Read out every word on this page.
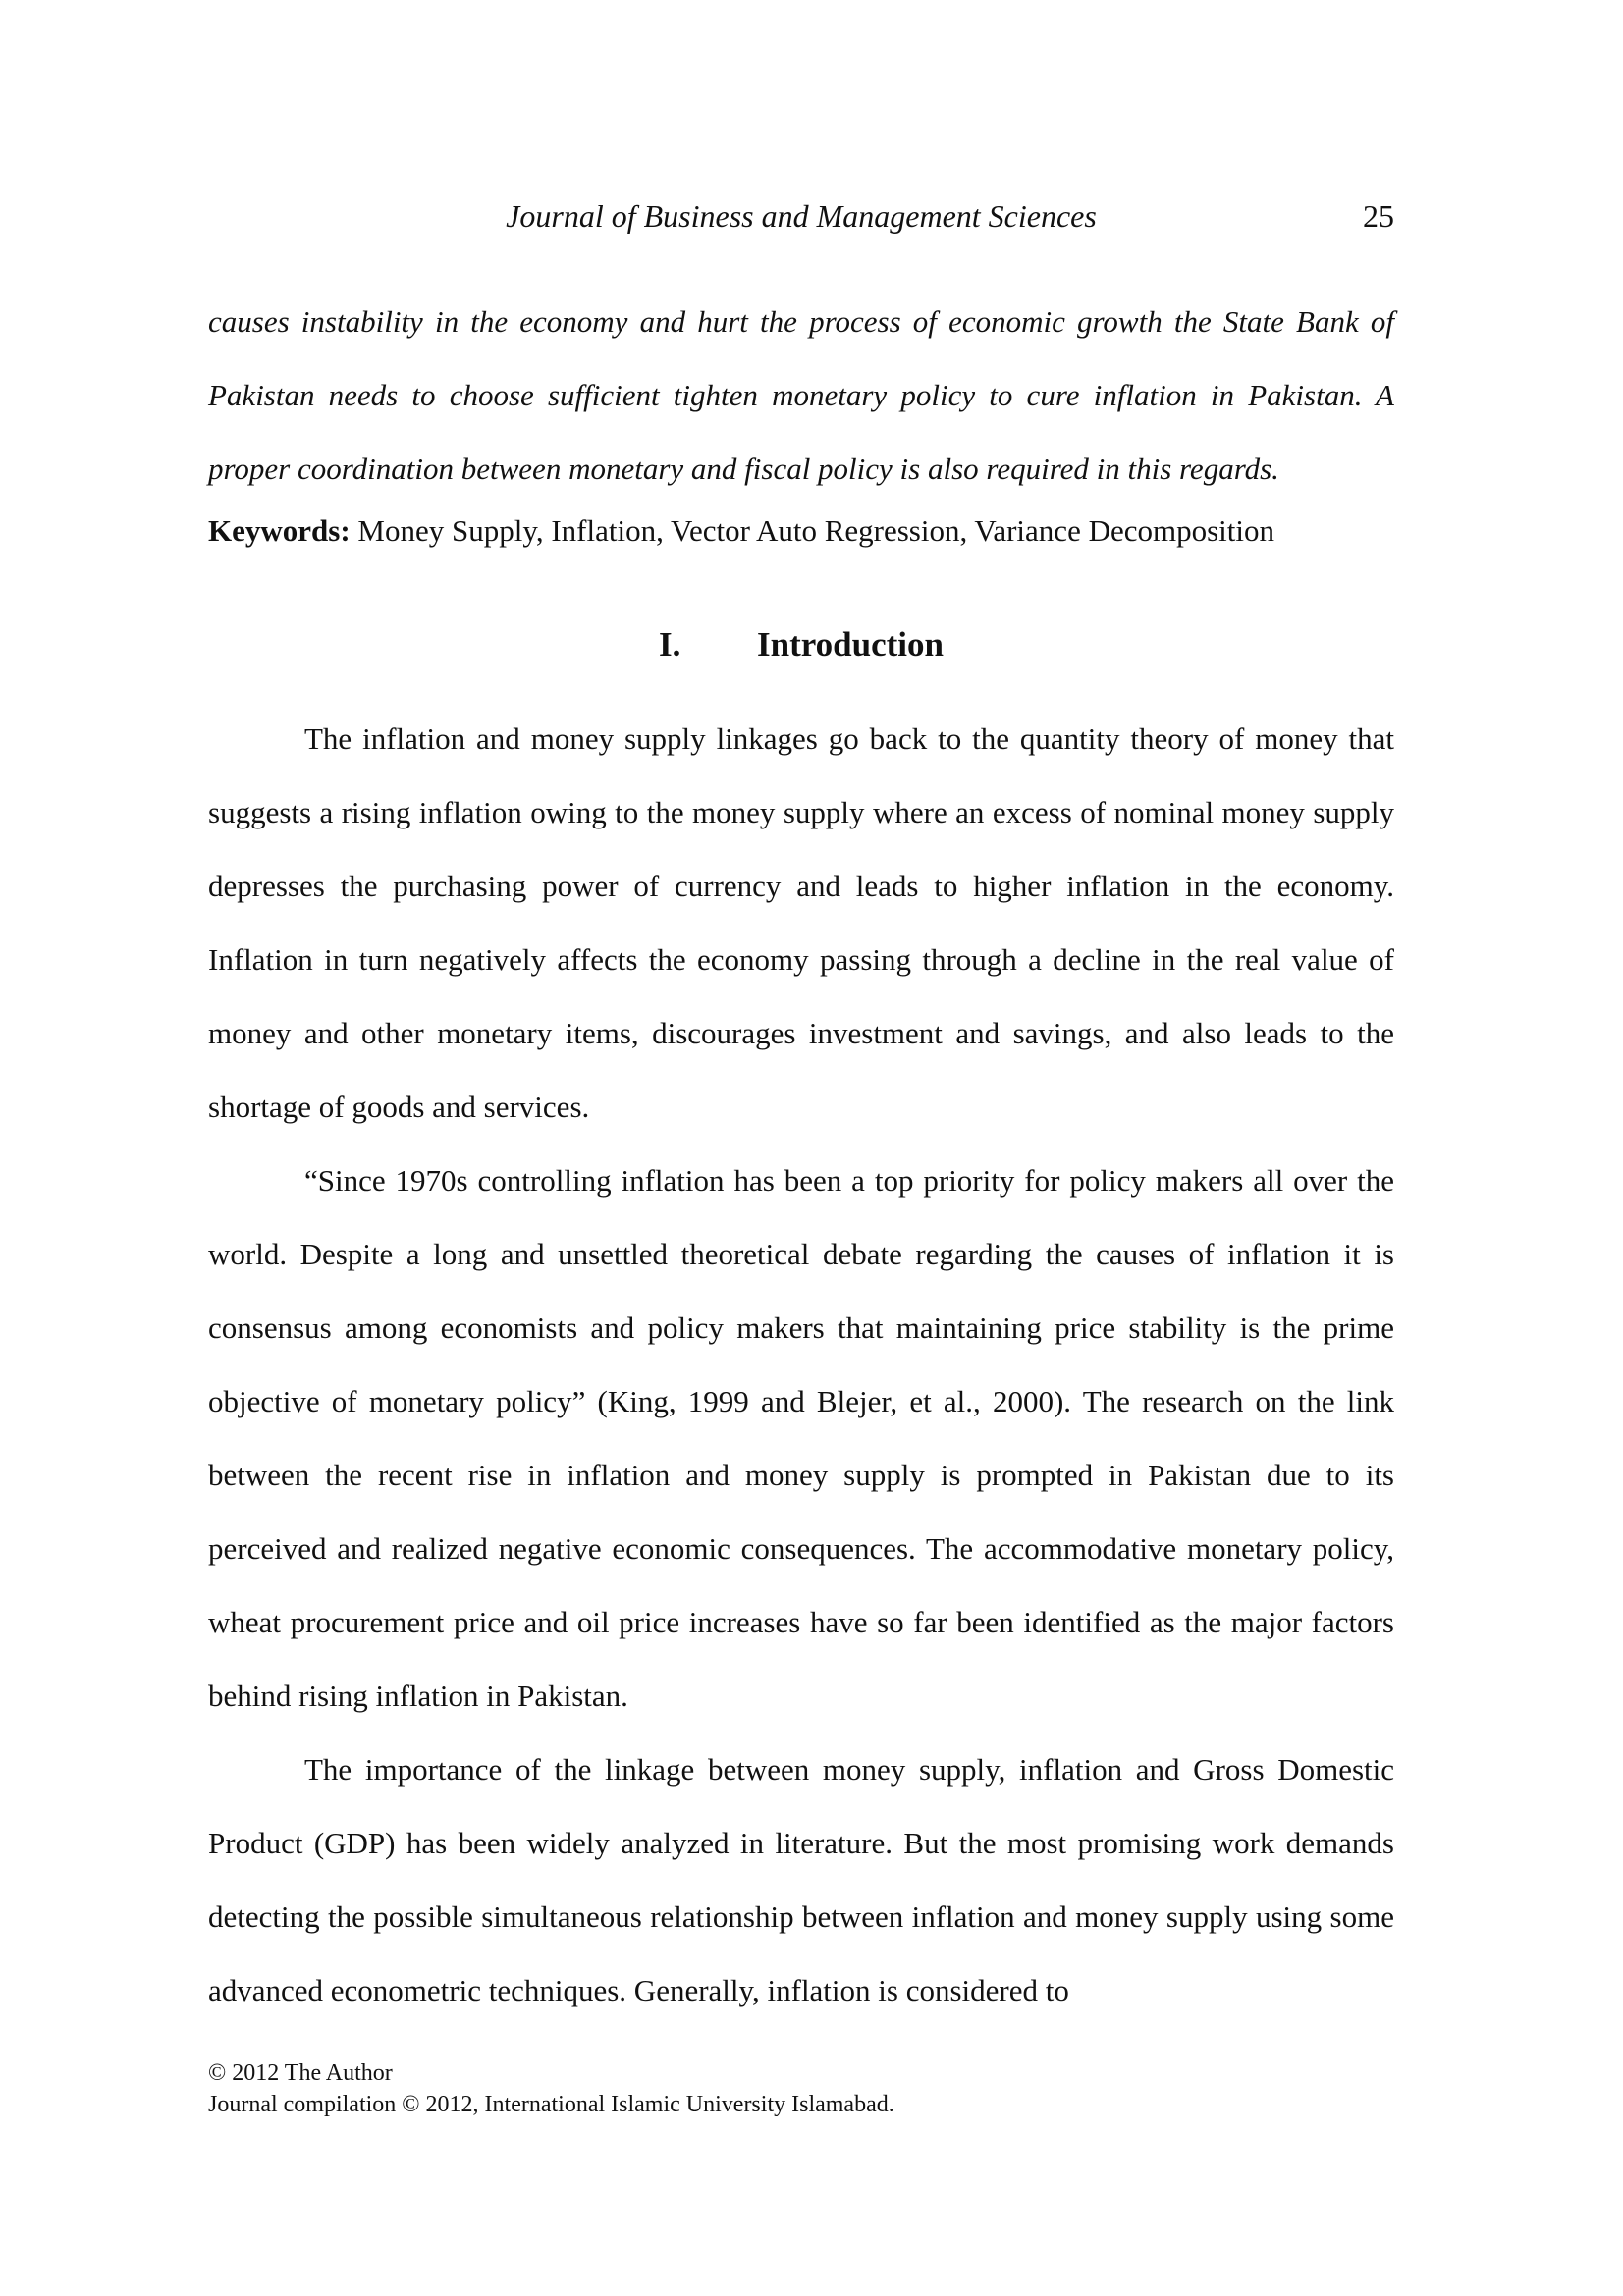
Journal of Business and Management Sciences	25

causes instability in the economy and hurt the process of economic growth the State Bank of Pakistan needs to choose sufficient tighten monetary policy to cure inflation in Pakistan. A proper coordination between monetary and fiscal policy is also required in this regards.

Keywords: Money Supply, Inflation, Vector Auto Regression, Variance Decomposition

I. Introduction

The inflation and money supply linkages go back to the quantity theory of money that suggests a rising inflation owing to the money supply where an excess of nominal money supply depresses the purchasing power of currency and leads to higher inflation in the economy. Inflation in turn negatively affects the economy passing through a decline in the real value of money and other monetary items, discourages investment and savings, and also leads to the shortage of goods and services.

“Since 1970s controlling inflation has been a top priority for policy makers all over the world. Despite a long and unsettled theoretical debate regarding the causes of inflation it is consensus among economists and policy makers that maintaining price stability is the prime objective of monetary policy” (King, 1999 and Blejer, et al., 2000). The research on the link between the recent rise in inflation and money supply is prompted in Pakistan due to its perceived and realized negative economic consequences. The accommodative monetary policy, wheat procurement price and oil price increases have so far been identified as the major factors behind rising inflation in Pakistan.

The importance of the linkage between money supply, inflation and Gross Domestic Product (GDP) has been widely analyzed in literature. But the most promising work demands detecting the possible simultaneous relationship between inflation and money supply using some advanced econometric techniques. Generally, inflation is considered to

© 2012 The Author
Journal compilation © 2012, International Islamic University Islamabad.
